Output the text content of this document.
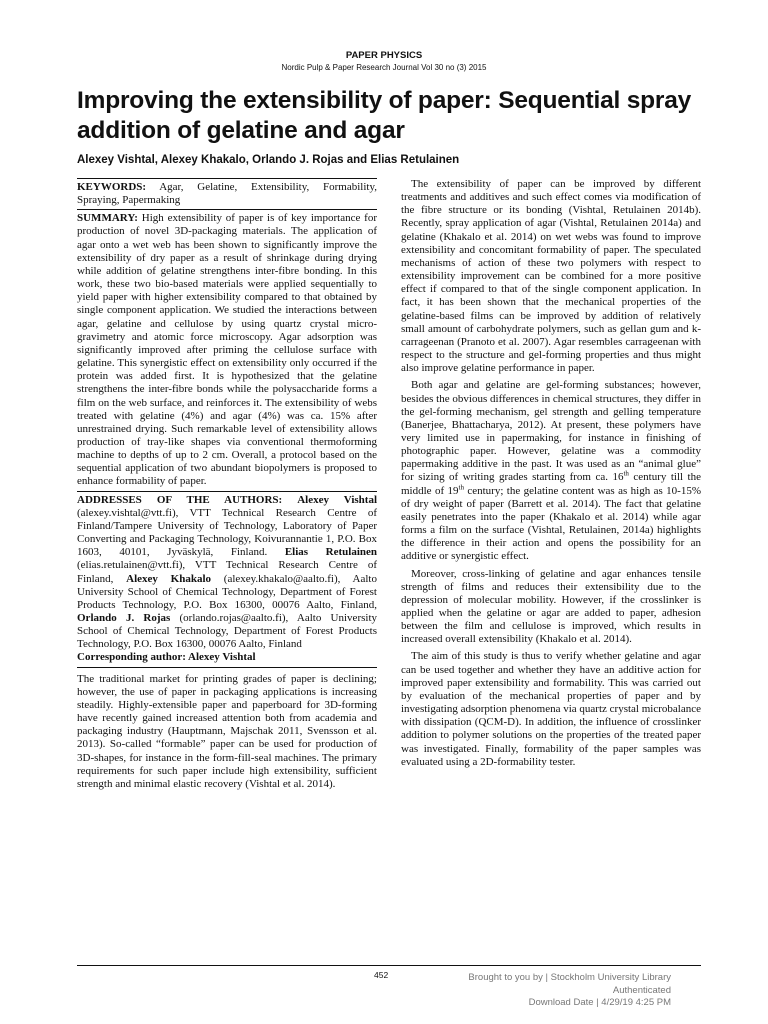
PAPER PHYSICS
Nordic Pulp & Paper Research Journal Vol 30 no (3) 2015
Improving the extensibility of paper: Sequential spray addition of gelatine and agar
Alexey Vishtal, Alexey Khakalo, Orlando J. Rojas and Elias Retulainen

KEYWORDS: Agar, Gelatine, Extensibility, Formability, Spraying, Papermaking

SUMMARY: High extensibility of paper is of key importance for production of novel 3D-packaging materials. The application of agar onto a wet web has been shown to significantly improve the extensibility of dry paper as a result of shrinkage during drying while addition of gelatine strengthens inter-fibre bonding. In this work, these two bio-based materials were applied sequentially to yield paper with higher extensibility compared to that obtained by single component application. We studied the interactions between agar, gelatine and cellulose by using quartz crystal micro-gravimetry and atomic force microscopy. Agar adsorption was significantly improved after priming the cellulose surface with gelatine. This synergistic effect on extensibility only occurred if the protein was added first. It is hypothesized that the gelatine strengthens the inter-fibre bonds while the polysaccharide forms a film on the web surface, and reinforces it. The extensibility of webs treated with gelatine (4%) and agar (4%) was ca. 15% after unrestrained drying. Such remarkable level of extensibility allows production of tray-like shapes via conventional thermoforming machine to depths of up to 2 cm. Overall, a protocol based on the sequential application of two abundant biopolymers is proposed to enhance formability of paper.

ADDRESSES OF THE AUTHORS: Alexey Vishtal (alexey.vishtal@vtt.fi), VTT Technical Research Centre of Finland/Tampere University of Technology, Laboratory of Paper Converting and Packaging Technology, Koivurannantie 1, P.O. Box 1603, 40101, Jyväskylä, Finland. Elias Retulainen (elias.retulainen@vtt.fi), VTT Technical Research Centre of Finland, Alexey Khakalo (alexey.khakalo@aalto.fi), Aalto University School of Chemical Technology, Department of Forest Products Technology, P.O. Box 16300, 00076 Aalto, Finland, Orlando J. Rojas (orlando.rojas@aalto.fi), Aalto University School of Chemical Technology, Department of Forest Products Technology, P.O. Box 16300, 00076 Aalto, Finland

Corresponding author: Alexey Vishtal

The traditional market for printing grades of paper is declining; however, the use of paper in packaging applications is increasing steadily. Highly-extensible paper and paperboard for 3D-forming have recently gained increased attention both from academia and packaging industry (Hauptmann, Majschak 2011, Svensson et al. 2013). So-called “formable” paper can be used for production of 3D-shapes, for instance in the form-fill-seal machines. The primary requirements for such paper include high extensibility, sufficient strength and minimal elastic recovery (Vishtal et al. 2014).

The extensibility of paper can be improved by different treatments and additives and such effect comes via modification of the fibre structure or its bonding (Vishtal, Retulainen 2014b). Recently, spray application of agar (Vishtal, Retulainen 2014a) and gelatine (Khakalo et al. 2014) on wet webs was found to improve extensibility and concomitant formability of paper. The speculated mechanisms of action of these two polymers with respect to extensibility improvement can be combined for a more positive effect if compared to that of the single component application. In fact, it has been shown that the mechanical properties of the gelatine-based films can be improved by addition of relatively small amount of carbohydrate polymers, such as gellan gum and k-carrageenan (Pranoto et al. 2007). Agar resembles carrageenan with respect to the structure and gel-forming properties and thus might also improve gelatine performance in paper.

Both agar and gelatine are gel-forming substances; however, besides the obvious differences in chemical structures, they differ in the gel-forming mechanism, gel strength and gelling temperature (Banerjee, Bhattacharya, 2012). At present, these polymers have very limited use in papermaking, for instance in finishing of photographic paper. However, gelatine was a commodity papermaking additive in the past. It was used as an “animal glue” for sizing of writing grades starting from ca. 16th century till the middle of 19th century; the gelatine content was as high as 10-15% of dry weight of paper (Barrett et al. 2014). The fact that gelatine easily penetrates into the paper (Khakalo et al. 2014) while agar forms a film on the surface (Vishtal, Retulainen, 2014a) highlights the difference in their action and opens the possibility for an additive or synergistic effect.

Moreover, cross-linking of gelatine and agar enhances tensile strength of films and reduces their extensibility due to the depression of molecular mobility. However, if the crosslinker is applied when the gelatine or agar are added to paper, adhesion between the film and cellulose is improved, which results in increased overall extensibility (Khakalo et al. 2014).

The aim of this study is thus to verify whether gelatine and agar can be used together and whether they have an additive action for improved paper extensibility and formability. This was carried out by evaluation of the mechanical properties of paper and by investigating adsorption phenomena via quartz crystal microbalance with dissipation (QCM-D). In addition, the influence of crosslinker addition to polymer solutions on the properties of the treated paper was investigated. Finally, formability of the paper samples was evaluated using a 2D-formability tester.

452	Brought to you by | Stockholm University Library
Authenticated
Download Date | 4/29/19 4:25 PM
